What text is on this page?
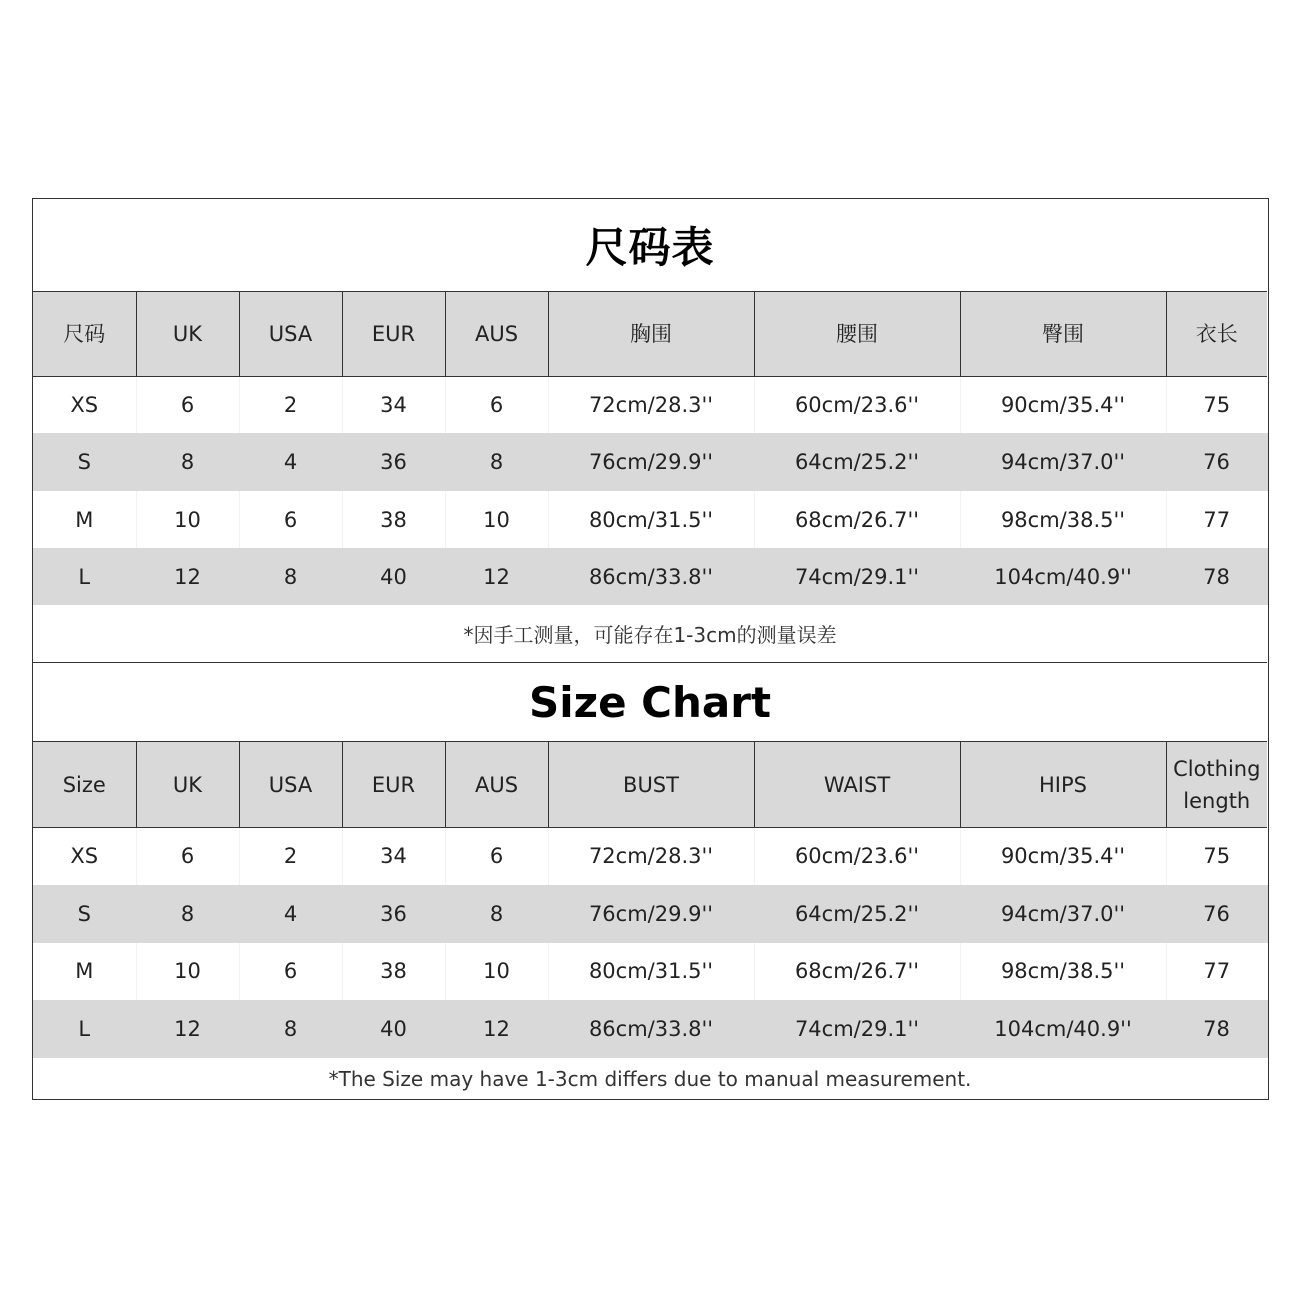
尺码表								
尺码	UK	USA	EUR	AUS	胸围	腰围	臀围	衣长
XS	6	2	34	6	72cm/28.3''	60cm/23.6''	90cm/35.4''	75
S	8	4	36	8	76cm/29.9''	64cm/25.2''	94cm/37.0''	76
M	10	6	38	10	80cm/31.5''	68cm/26.7''	98cm/38.5''	77
L	12	8	40	12	86cm/33.8''	74cm/29.1''	104cm/40.9''	78
*因手工测量，可能存在1-3cm的测量误差								
Size Chart								
Size	UK	USA	EUR	AUS	BUST	WAIST	HIPS	Clothing length
XS	6	2	34	6	72cm/28.3''	60cm/23.6''	90cm/35.4''	75
S	8	4	36	8	76cm/29.9''	64cm/25.2''	94cm/37.0''	76
M	10	6	38	10	80cm/31.5''	68cm/26.7''	98cm/38.5''	77
L	12	8	40	12	86cm/33.8''	74cm/29.1''	104cm/40.9''	78
*The Size may have 1-3cm differs due to manual measurement.								
